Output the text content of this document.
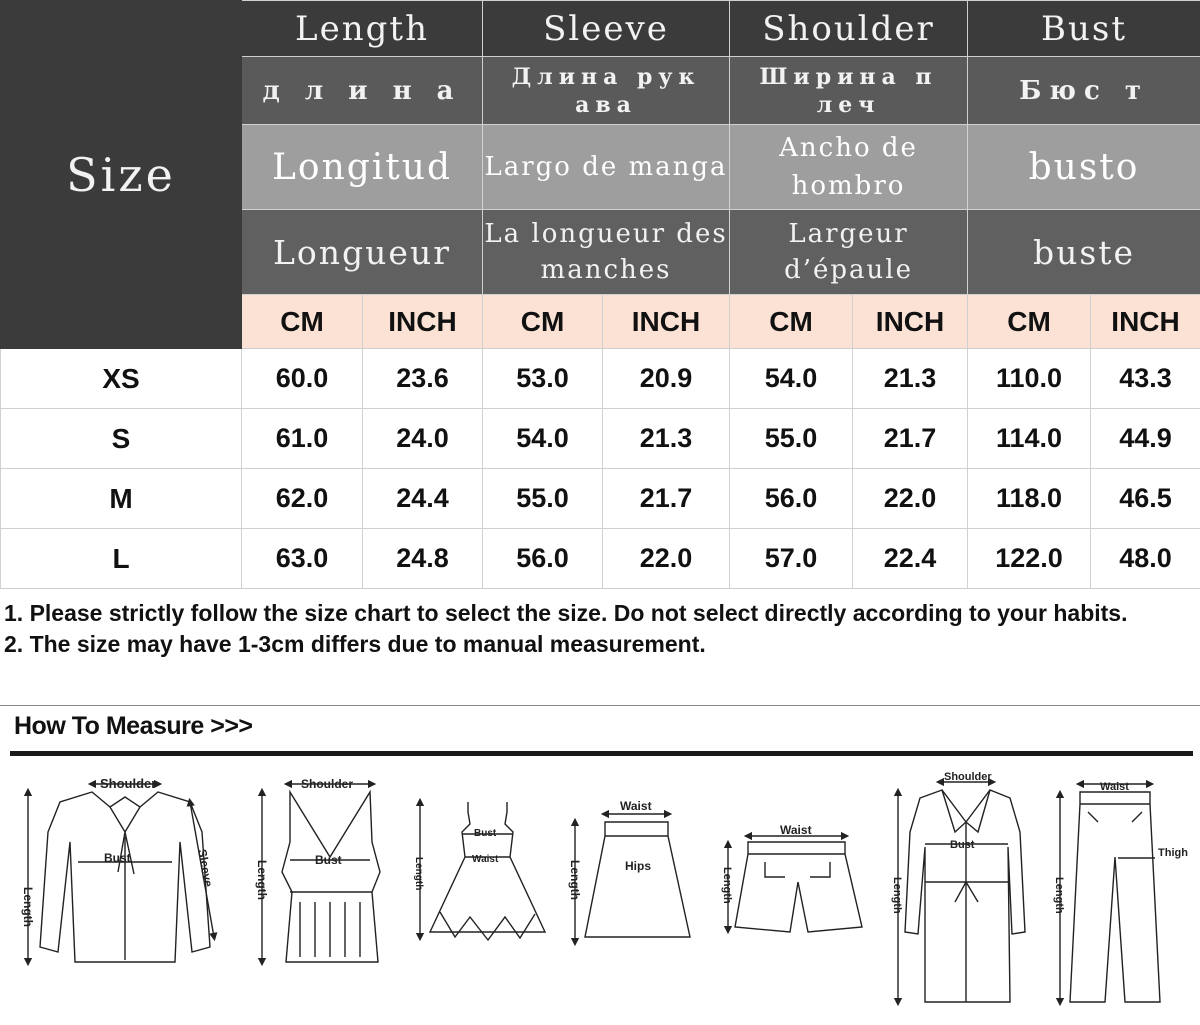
Size	Length		Sleeve		Shoulder		Bust	
	д л и н а		Длина рук ава		Ширина п леч		Бюс т	
	Longitud		Largo de manga		Ancho de hombro		busto	
	Longueur		La longueur des manches		Largeur d’épaule		buste	
	CM	INCH	CM	INCH	CM	INCH	CM	INCH
XS	60.0	23.6	53.0	20.9	54.0	21.3	110.0	43.3
S	61.0	24.0	54.0	21.3	55.0	21.7	114.0	44.9
M	62.0	24.4	55.0	21.7	56.0	22.0	118.0	46.5
L	63.0	24.8	56.0	22.0	57.0	22.4	122.0	48.0

1. Please strictly follow the size chart to select the size. Do not select directly according to your habits.

2. The size may have 1-3cm differs due to manual measurement.

How To Measure >>>
Shoulder
Bust
Length
Sleeve
Shoulder
Bust
Length
Bust
Waist
Length
Waist
Hips
Length
Waist
Length
Shoulder
Bust
Length
Waist
Thigh
Length
